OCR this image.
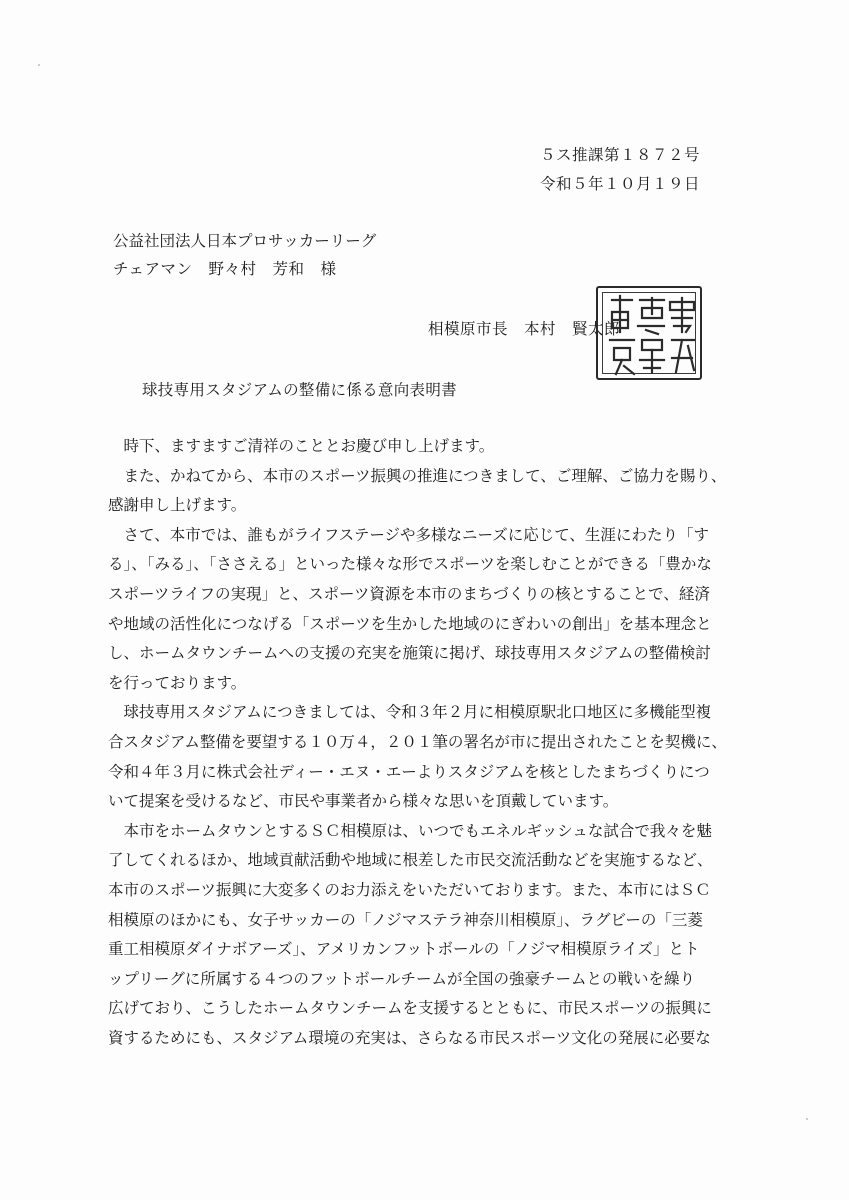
５ス推課第１８７２号
令和５年１０月１９日
公益社団法人日本プロサッカーリーグ
チェアマン　野々村　芳和　様
相模原市長　本村　賢太郎
球技専用スタジアムの整備に係る意向表明書
　時下、ますますご清祥のこととお慶び申し上げます。
　また、かねてから、本市のスポーツ振興の推進につきまして、ご理解、ご協力を賜り、
感謝申し上げます。
　さて、本市では、誰もがライフステージや多様なニーズに応じて、生涯にわたり「す
る」、「みる」、「ささえる」といった様々な形でスポーツを楽しむことができる「豊かな
スポーツライフの実現」と、スポーツ資源を本市のまちづくりの核とすることで、経済
や地域の活性化につなげる「スポーツを生かした地域のにぎわいの創出」を基本理念と
し、ホームタウンチームへの支援の充実を施策に掲げ、球技専用スタジアムの整備検討
を行っております。
　球技専用スタジアムにつきましては、令和３年２月に相模原駅北口地区に多機能型複
合スタジアム整備を要望する１０万４，２０１筆の署名が市に提出されたことを契機に、
令和４年３月に株式会社ディー・エヌ・エーよりスタジアムを核としたまちづくりにつ
いて提案を受けるなど、市民や事業者から様々な思いを頂戴しています。
　本市をホームタウンとするＳＣ相模原は、いつでもエネルギッシュな試合で我々を魅
了してくれるほか、地域貢献活動や地域に根差した市民交流活動などを実施するなど、
本市のスポーツ振興に大変多くのお力添えをいただいております。また、本市にはＳＣ
相模原のほかにも、女子サッカーの「ノジマステラ神奈川相模原」、ラグビーの「三菱
重工相模原ダイナボアーズ」、アメリカンフットボールの「ノジマ相模原ライズ」とト
ップリーグに所属する４つのフットボールチームが全国の強豪チームとの戦いを繰り
広げており、こうしたホームタウンチームを支援するとともに、市民スポーツの振興に
資するためにも、スタジアム環境の充実は、さらなる市民スポーツ文化の発展に必要な
